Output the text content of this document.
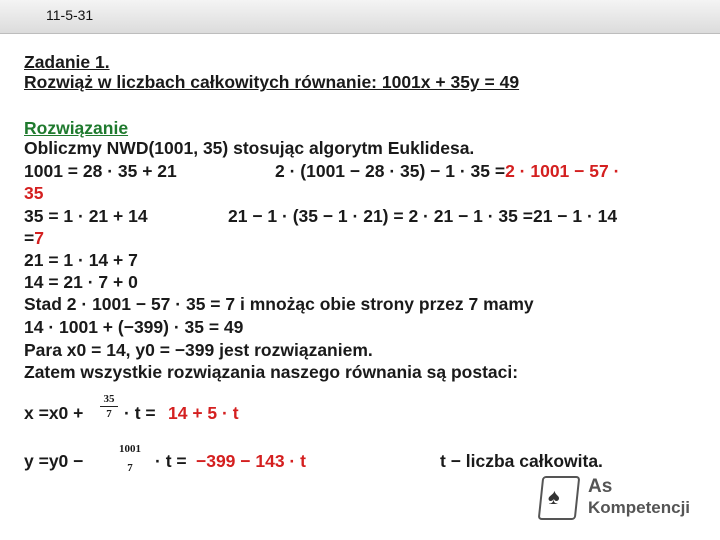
11-5-31
Zadanie 1.
Rozwiąż w liczbach całkowitych równanie: 1001x + 35y = 49
Rozwiązanie
Obliczmy NWD(1001, 35) stosując algorytm Euklidesa.
1001 = 28 · 35 + 21	2 · (1001 − 28 · 35) − 1 · 35 =2 · 1001 − 57 ·
35
35 = 1 · 21 + 14	21 − 1 · (35 − 1 · 21) = 2 · 21 − 1 · 35 =21 − 1 · 14
=7
21 = 1 · 14 + 7
14 = 21 · 7 + 0
Stad 2 · 1001 − 57 · 35 = 7 i mnożąc obie strony przez 7 mamy
14 · 1001 + (−399) · 35 = 49
Para x0 = 14, y0 = −399 jest rozwiązaniem.
Zatem wszystkie rozwiązania naszego równania są postaci:
x =x0 +
35
7 · t = 14 + 5 · t
y =y0 −
1001
7	· t = −399 − 143 · t	t − liczba całkowita.
♠ As
Kompetencji
